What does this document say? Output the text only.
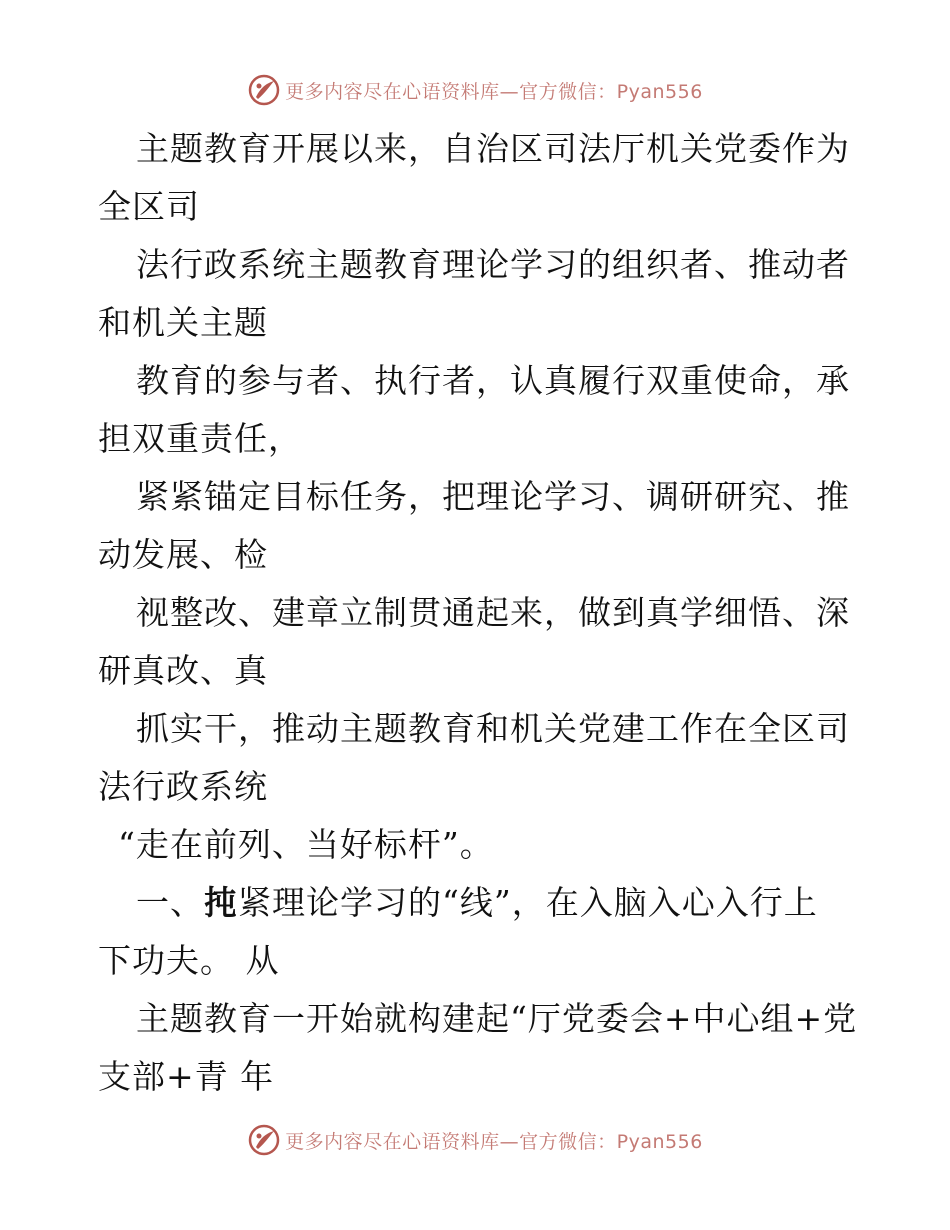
更多内容尽在心语资料库—官方微信：Pyan556

主题教育开展以来，自治区司法厅机关党委作为
全区司

法行政系统主题教育理论学习的组织者、推动者
和机关主题

教育的参与者、执行者，认真履行双重使命，承
担双重责任，

紧紧锚定目标任务，把理论学习、调研研究、推
动发展、检

视整改、建章立制贯通起来，做到真学细悟、深
研真改、真

抓实干，推动主题教育和机关党建工作在全区司
法行政系统

“走在前列、当好标杆”。

一、扽紧理论学习的“线”，在入脑入心入行上
下功夫。 从

主题教育一开始就构建起“厅党委会+中心组+党
支部+青 年

更多内容尽在心语资料库—官方微信：Pyan556
